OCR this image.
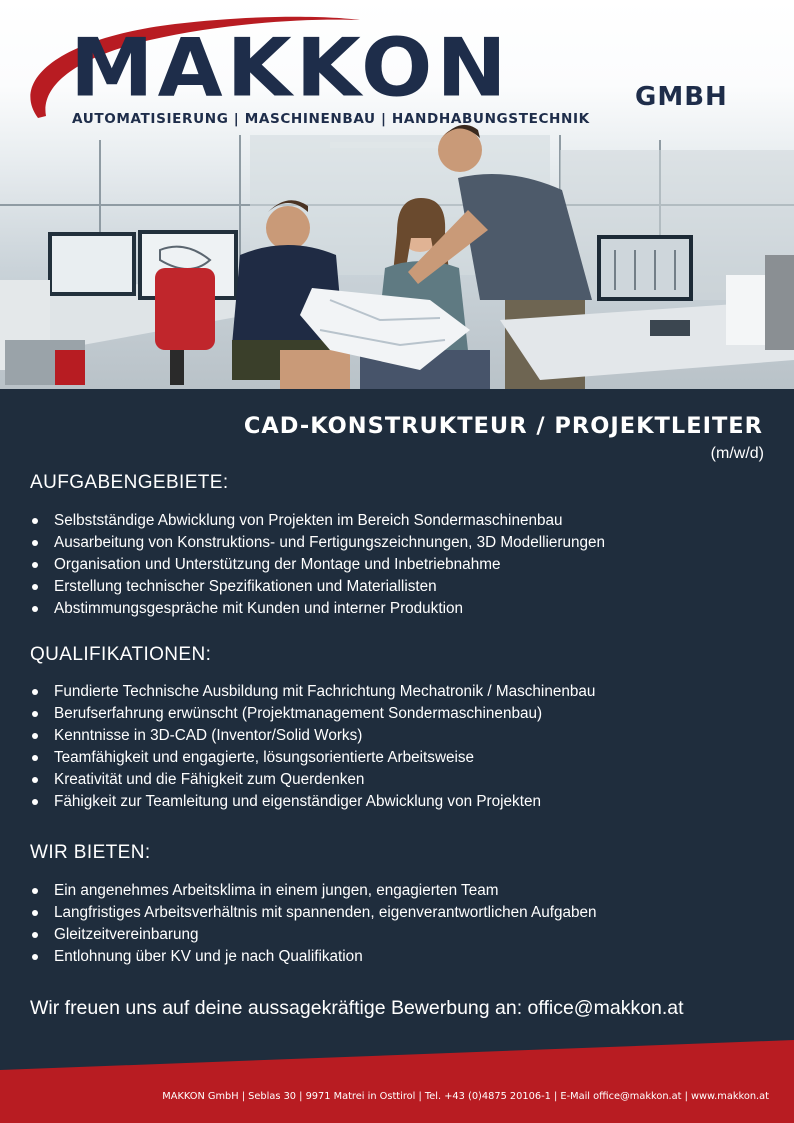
MAKKON	GMBH
AUTOMATISIERUNG | MASCHINENBAU | HANDHABUNGSTECHNIK
CAD-KONSTRUKTEUR / PROJEKTLEITER
(m/w/d)
AUFGABENGEBIETE:
Selbstständige Abwicklung von Projekten im Bereich Sondermaschinenbau
Ausarbeitung von Konstruktions- und Fertigungszeichnungen, 3D Modellierungen
Organisation und Unterstützung der Montage und Inbetriebnahme
Erstellung technischer Spezifikationen und Materiallisten
Abstimmungsgespräche mit Kunden und interner Produktion
QUALIFIKATIONEN:
Fundierte Technische Ausbildung mit Fachrichtung Mechatronik / Maschinenbau
Berufserfahrung erwünscht (Projektmanagement Sondermaschinenbau)
Kenntnisse in 3D-CAD (Inventor/Solid Works)
Teamfähigkeit und engagierte, lösungsorientierte Arbeitsweise
Kreativität und die Fähigkeit zum Querdenken
Fähigkeit zur Teamleitung und eigenständiger Abwicklung von Projekten
WIR BIETEN:
Ein angenehmes Arbeitsklima in einem jungen, engagierten Team
Langfristiges Arbeitsverhältnis mit spannenden, eigenverantwortlichen Aufgaben
Gleitzeitvereinbarung
Entlohnung über KV und je nach Qualifikation
Wir freuen uns auf deine aussagekräftige Bewerbung an: office@makkon.at
MAKKON GmbH | Seblas 30 | 9971 Matrei in Osttirol | Tel. +43 (0)4875 20106-1 | E-Mail office@makkon.at | www.makkon.at
